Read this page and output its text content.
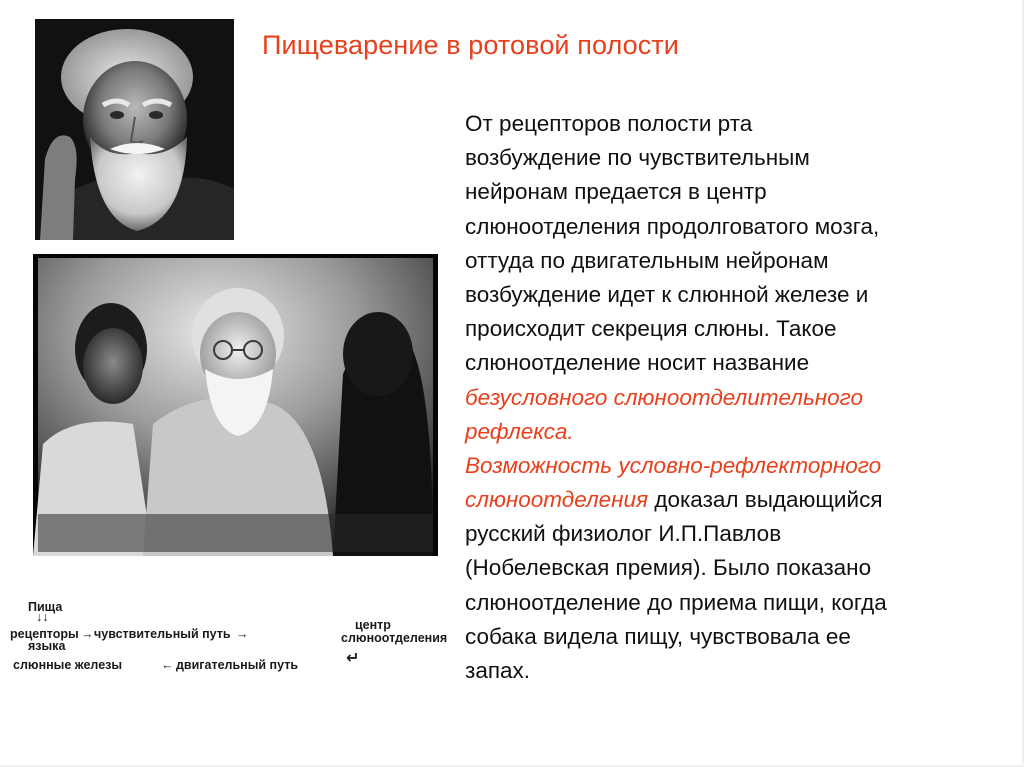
Пищеварение в ротовой полости
От рецепторов полости рта
возбуждение по чувствительным
нейронам предается в центр
слюноотделения продолговатого мозга,
оттуда по двигательным нейронам
возбуждение идет к слюнной железе и
происходит секреция слюны. Такое
слюноотделение носит название
безусловного слюноотделительного
рефлекса.
Возможность условно-рефлекторного
слюноотделения доказал выдающийся
русский физиолог И.П.Павлов
(Нобелевская премия). Было показано
слюноотделение до приема пищи, когда
собака видела пищу, чувствовала ее
запах.
Пища
↓↓
рецепторы → чувствительный путь →
языка
центр
слюноотделения
слюнные железы	← двигательный путь	↵
